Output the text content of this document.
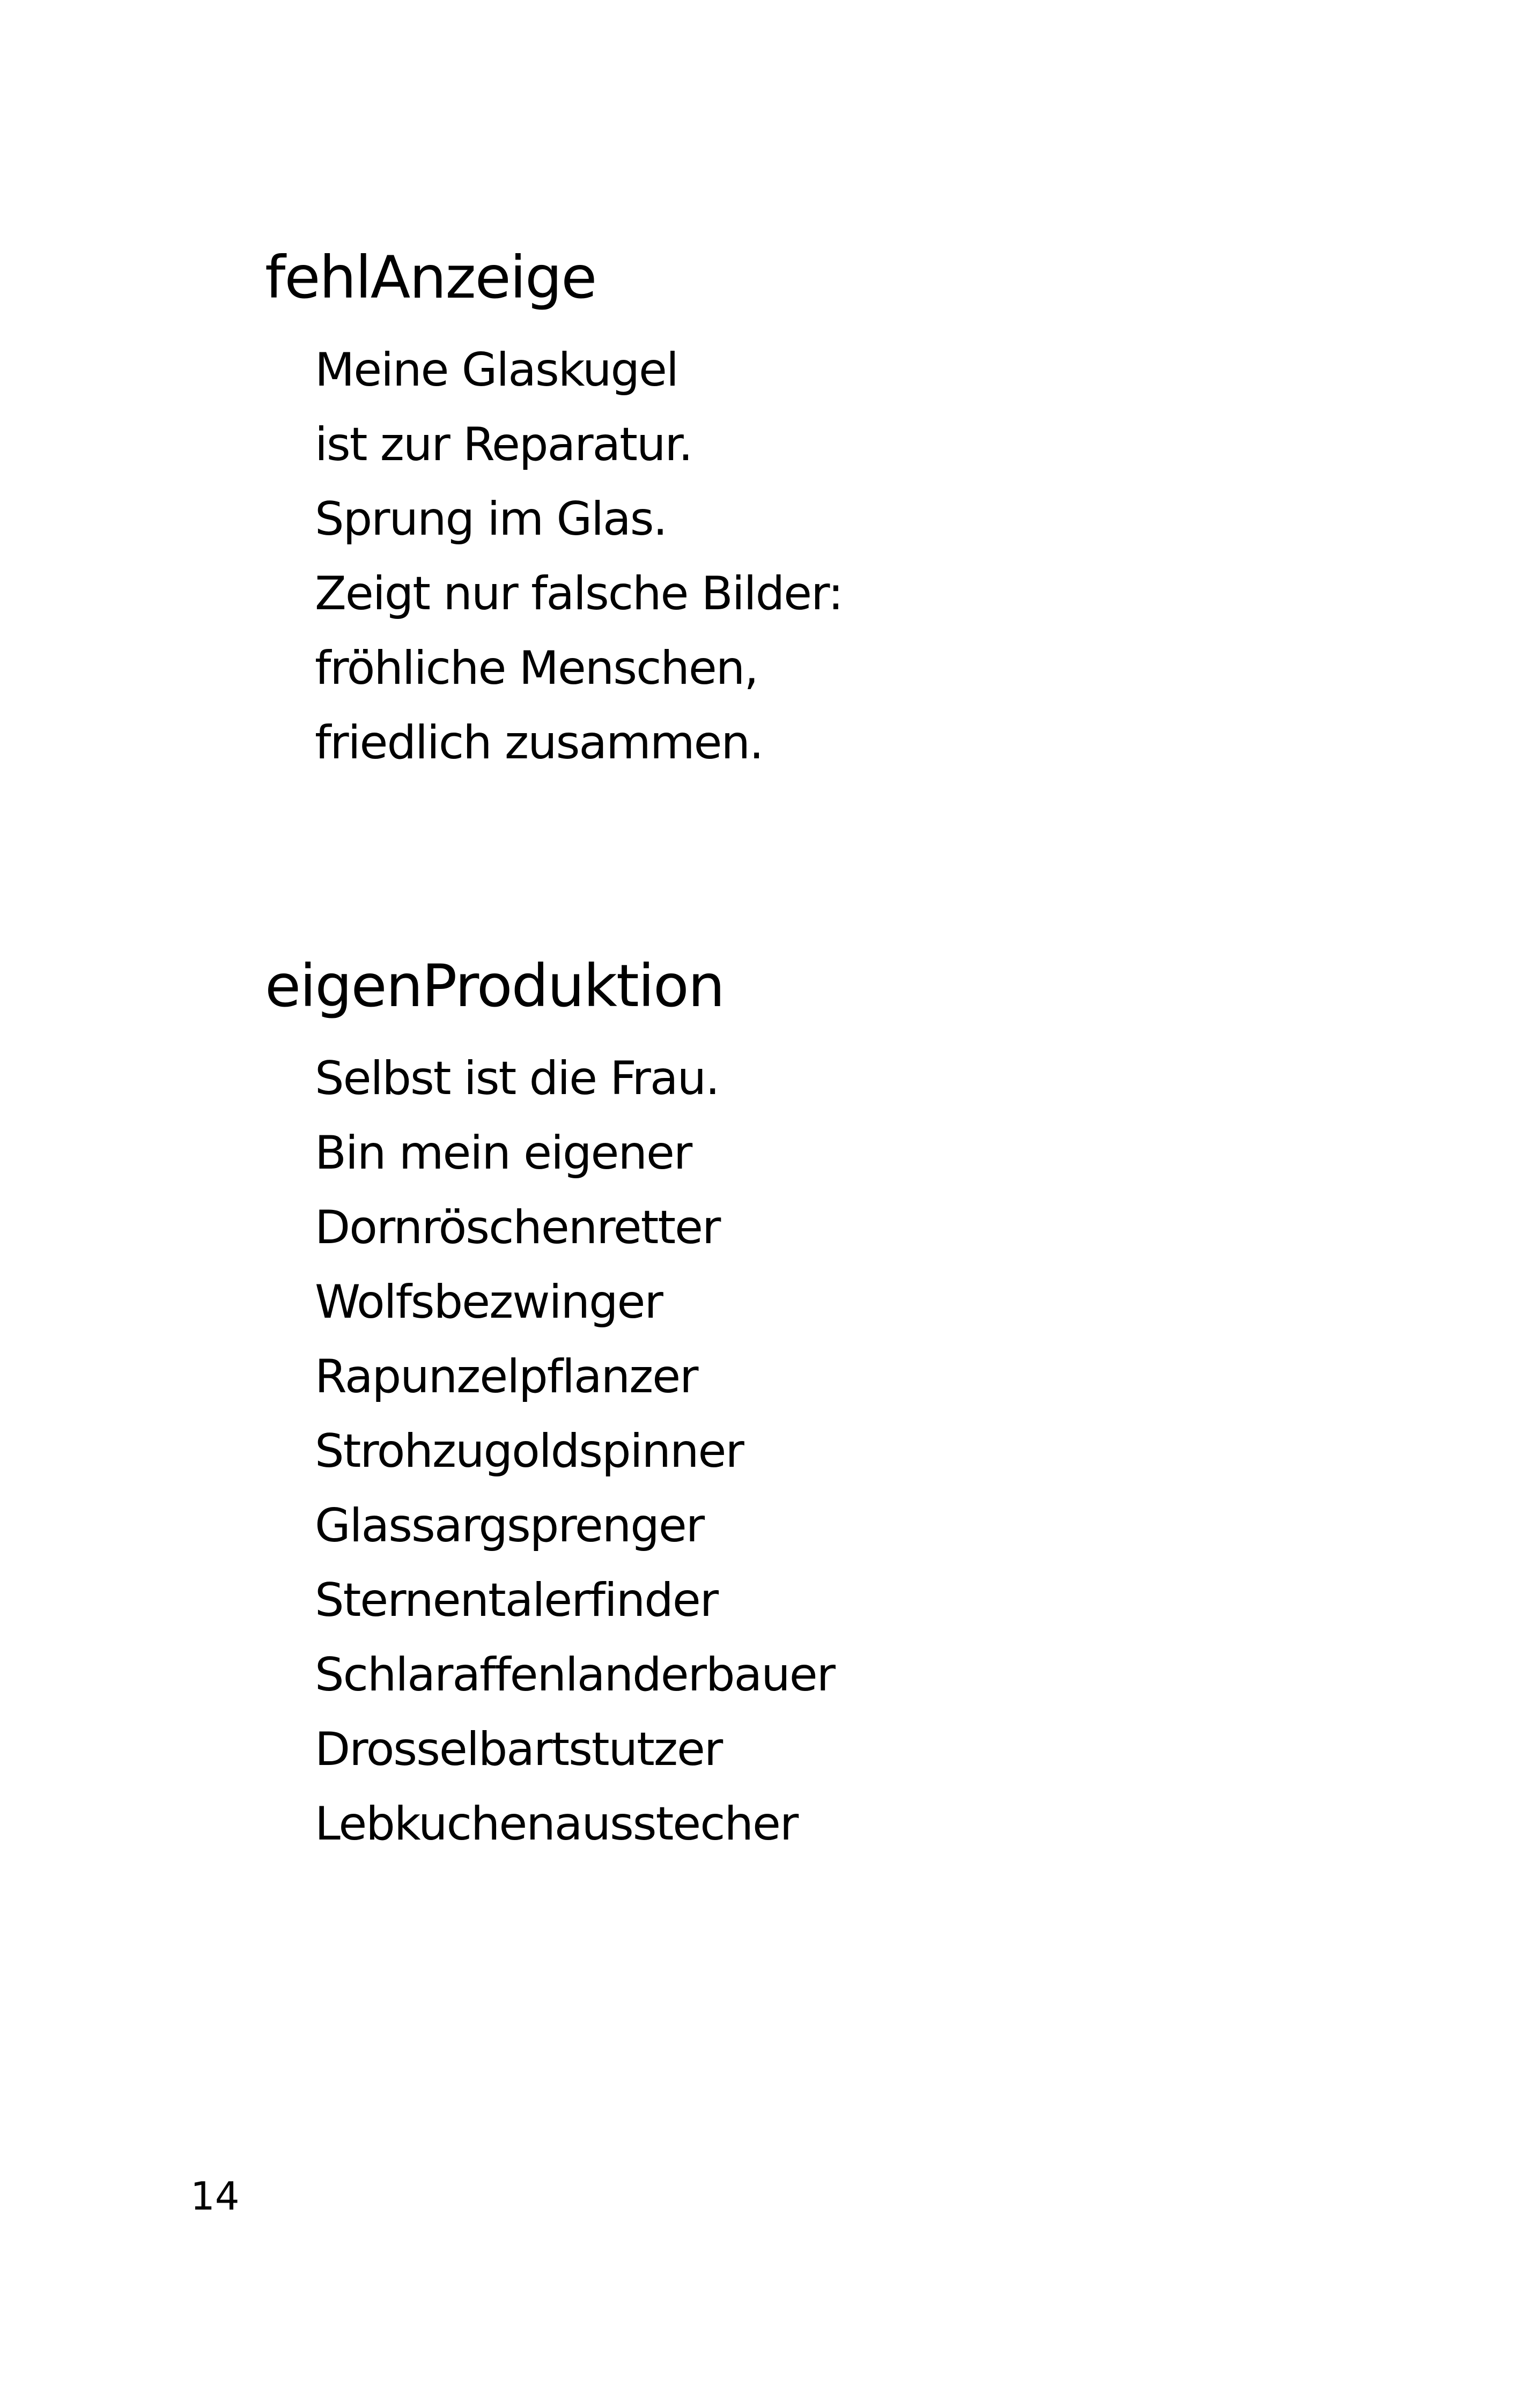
fehlAnzeige
Meine Glaskugel
ist zur Reparatur.
Sprung im Glas.
Zeigt nur falsche Bilder:
fröhliche Menschen,
friedlich zusammen.
eigenProduktion
Selbst ist die Frau.
Bin mein eigener
Dornröschenretter
Wolfsbezwinger
Rapunzelpflanzer
Strohzugoldspinner
Glassargsprenger
Sternentalerfinder
Schlaraffenlanderbauer
Drosselbartstutzer
Lebkuchenausstecher
14
